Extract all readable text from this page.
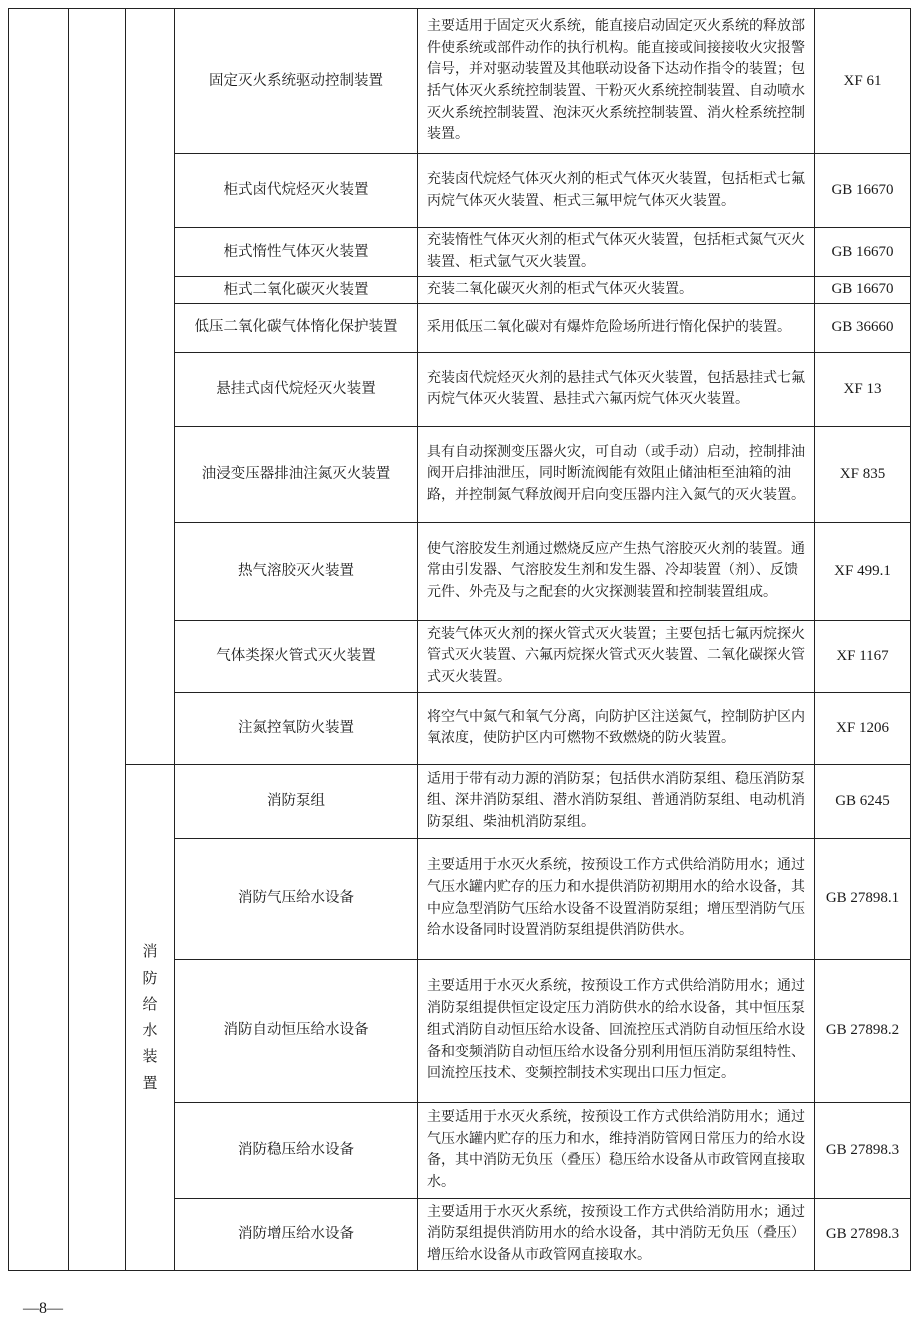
			固定灭火系统驱动控制装置	主要适用于固定灭火系统，能直接启动固定灭火系统的释放部件使系统或部件动作的执行机构。能直接或间接接收火灾报警信号，并对驱动装置及其他联动设备下达动作指令的装置；包括气体灭火系统控制装置、干粉灭火系统控制装置、自动喷水灭火系统控制装置、泡沫灭火系统控制装置、消火栓系统控制装置。	XF 61
			柜式卤代烷烃灭火装置	充装卤代烷烃气体灭火剂的柜式气体灭火装置，包括柜式七氟丙烷气体灭火装置、柜式三氟甲烷气体灭火装置。	GB 16670
			柜式惰性气体灭火装置	充装惰性气体灭火剂的柜式气体灭火装置，包括柜式氮气灭火装置、柜式氩气灭火装置。	GB 16670
			柜式二氧化碳灭火装置	充装二氧化碳灭火剂的柜式气体灭火装置。	GB 16670
			低压二氧化碳气体惰化保护装置	采用低压二氧化碳对有爆炸危险场所进行惰化保护的装置。	GB 36660
			悬挂式卤代烷烃灭火装置	充装卤代烷烃灭火剂的悬挂式气体灭火装置，包括悬挂式七氟丙烷气体灭火装置、悬挂式六氟丙烷气体灭火装置。	XF 13
			油浸变压器排油注氮灭火装置	具有自动探测变压器火灾，可自动（或手动）启动，控制排油阀开启排油泄压，同时断流阀能有效阻止储油柜至油箱的油路，并控制氮气释放阀开启向变压器内注入氮气的灭火装置。	XF 835
			热气溶胶灭火装置	使气溶胶发生剂通过燃烧反应产生热气溶胶灭火剂的装置。通常由引发器、气溶胶发生剂和发生器、冷却装置（剂）、反馈元件、外壳及与之配套的火灾探测装置和控制装置组成。	XF 499.1
			气体类探火管式灭火装置	充装气体灭火剂的探火管式灭火装置；主要包括七氟丙烷探火管式灭火装置、六氟丙烷探火管式灭火装置、二氧化碳探火管式灭火装置。	XF 1167
			注氮控氧防火装置	将空气中氮气和氧气分离，向防护区注送氮气，控制防护区内氧浓度，使防护区内可燃物不致燃烧的防火装置。	XF 1206

		消防给水装置	消防泵组	适用于带有动力源的消防泵；包括供水消防泵组、稳压消防泵组、深井消防泵组、潜水消防泵组、普通消防泵组、电动机消防泵组、柴油机消防泵组。	GB 6245
			消防气压给水设备	主要适用于水灭火系统，按预设工作方式供给消防用水；通过气压水罐内贮存的压力和水提供消防初期用水的给水设备，其中应急型消防气压给水设备不设置消防泵组；增压型消防气压给水设备同时设置消防泵组提供消防供水。	GB 27898.1
			消防自动恒压给水设备	主要适用于水灭火系统，按预设工作方式供给消防用水；通过消防泵组提供恒定设定压力消防供水的给水设备，其中恒压泵组式消防自动恒压给水设备、回流控压式消防自动恒压给水设备和变频消防自动恒压给水设备分别利用恒压消防泵组特性、回流控压技术、变频控制技术实现出口压力恒定。	GB 27898.2
			消防稳压给水设备	主要适用于水灭火系统，按预设工作方式供给消防用水；通过气压水罐内贮存的压力和水，维持消防管网日常压力的给水设备，其中消防无负压（叠压）稳压给水设备从市政管网直接取水。	GB 27898.3
			消防增压给水设备	主要适用于水灭火系统，按预设工作方式供给消防用水；通过消防泵组提供消防用水的给水设备，其中消防无负压（叠压）增压给水设备从市政管网直接取水。	GB 27898.3
—8—
